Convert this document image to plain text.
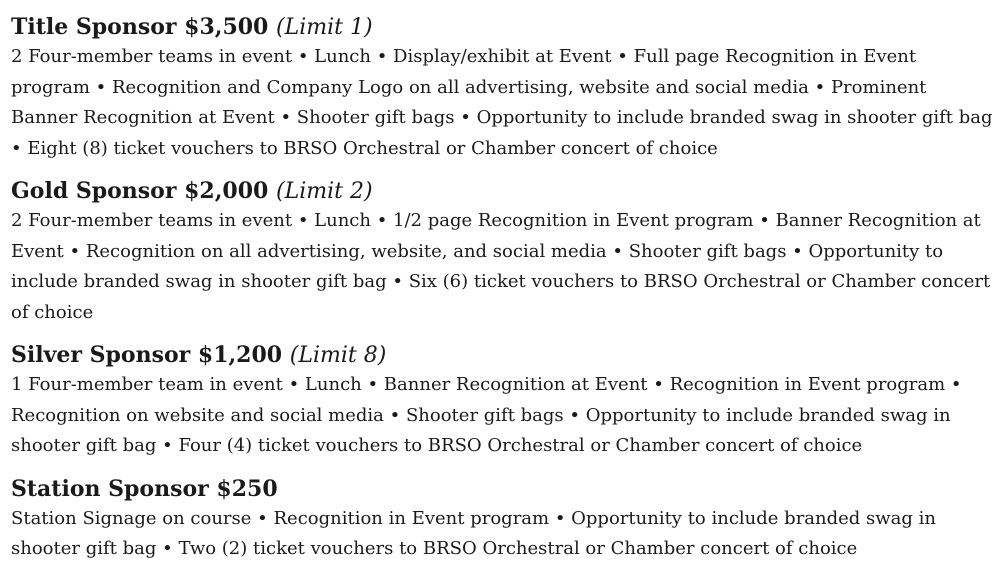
Title Sponsor $3,500 (Limit 1)

2 Four-member teams in event • Lunch • Display/exhibit at Event • Full page Recognition in Event program • Recognition and Company Logo on all advertising, website and social media • Prominent Banner Recognition at Event • Shooter gift bags • Opportunity to include branded swag in shooter gift bag • Eight (8) ticket vouchers to BRSO Orchestral or Chamber concert of choice

Gold Sponsor $2,000 (Limit 2)

2 Four-member teams in event • Lunch • 1/2 page Recognition in Event program • Banner Recognition at Event • Recognition on all advertising, website, and social media • Shooter gift bags • Opportunity to include branded swag in shooter gift bag • Six (6) ticket vouchers to BRSO Orchestral or Chamber concert of choice

Silver Sponsor $1,200 (Limit 8)

1 Four-member team in event • Lunch • Banner Recognition at Event • Recognition in Event program • Recognition on website and social media • Shooter gift bags • Opportunity to include branded swag in shooter gift bag • Four (4) ticket vouchers to BRSO Orchestral or Chamber concert of choice

Station Sponsor $250

Station Signage on course • Recognition in Event program • Opportunity to include branded swag in shooter gift bag • Two (2) ticket vouchers to BRSO Orchestral or Chamber concert of choice
